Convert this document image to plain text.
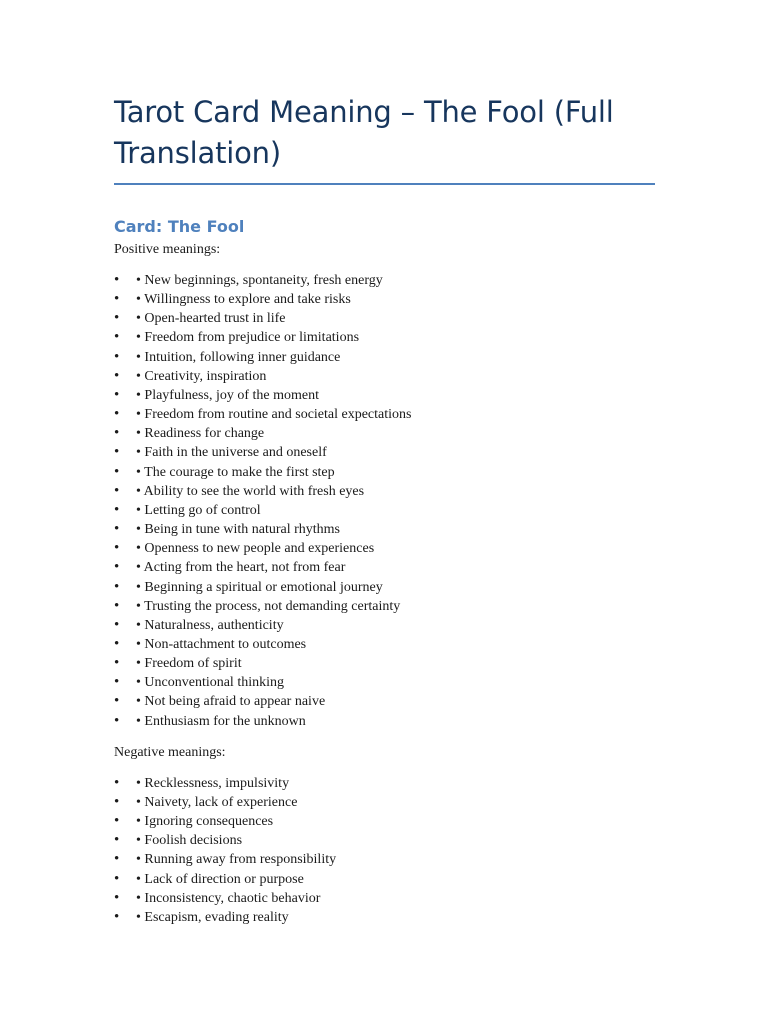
Tarot Card Meaning – The Fool (Full Translation)
Card: The Fool

Positive meanings:

• • New beginnings, spontaneity, fresh energy
• • Willingness to explore and take risks
• • Open-hearted trust in life
• • Freedom from prejudice or limitations
• • Intuition, following inner guidance
• • Creativity, inspiration
• • Playfulness, joy of the moment
• • Freedom from routine and societal expectations
• • Readiness for change
• • Faith in the universe and oneself
• • The courage to make the first step
• • Ability to see the world with fresh eyes
• • Letting go of control
• • Being in tune with natural rhythms
• • Openness to new people and experiences
• • Acting from the heart, not from fear
• • Beginning a spiritual or emotional journey
• • Trusting the process, not demanding certainty
• • Naturalness, authenticity
• • Non-attachment to outcomes
• • Freedom of spirit
• • Unconventional thinking
• • Not being afraid to appear naive
• • Enthusiasm for the unknown

Negative meanings:

• • Recklessness, impulsivity
• • Naivety, lack of experience
• • Ignoring consequences
• • Foolish decisions
• • Running away from responsibility
• • Lack of direction or purpose
• • Inconsistency, chaotic behavior
• • Escapism, evading reality
